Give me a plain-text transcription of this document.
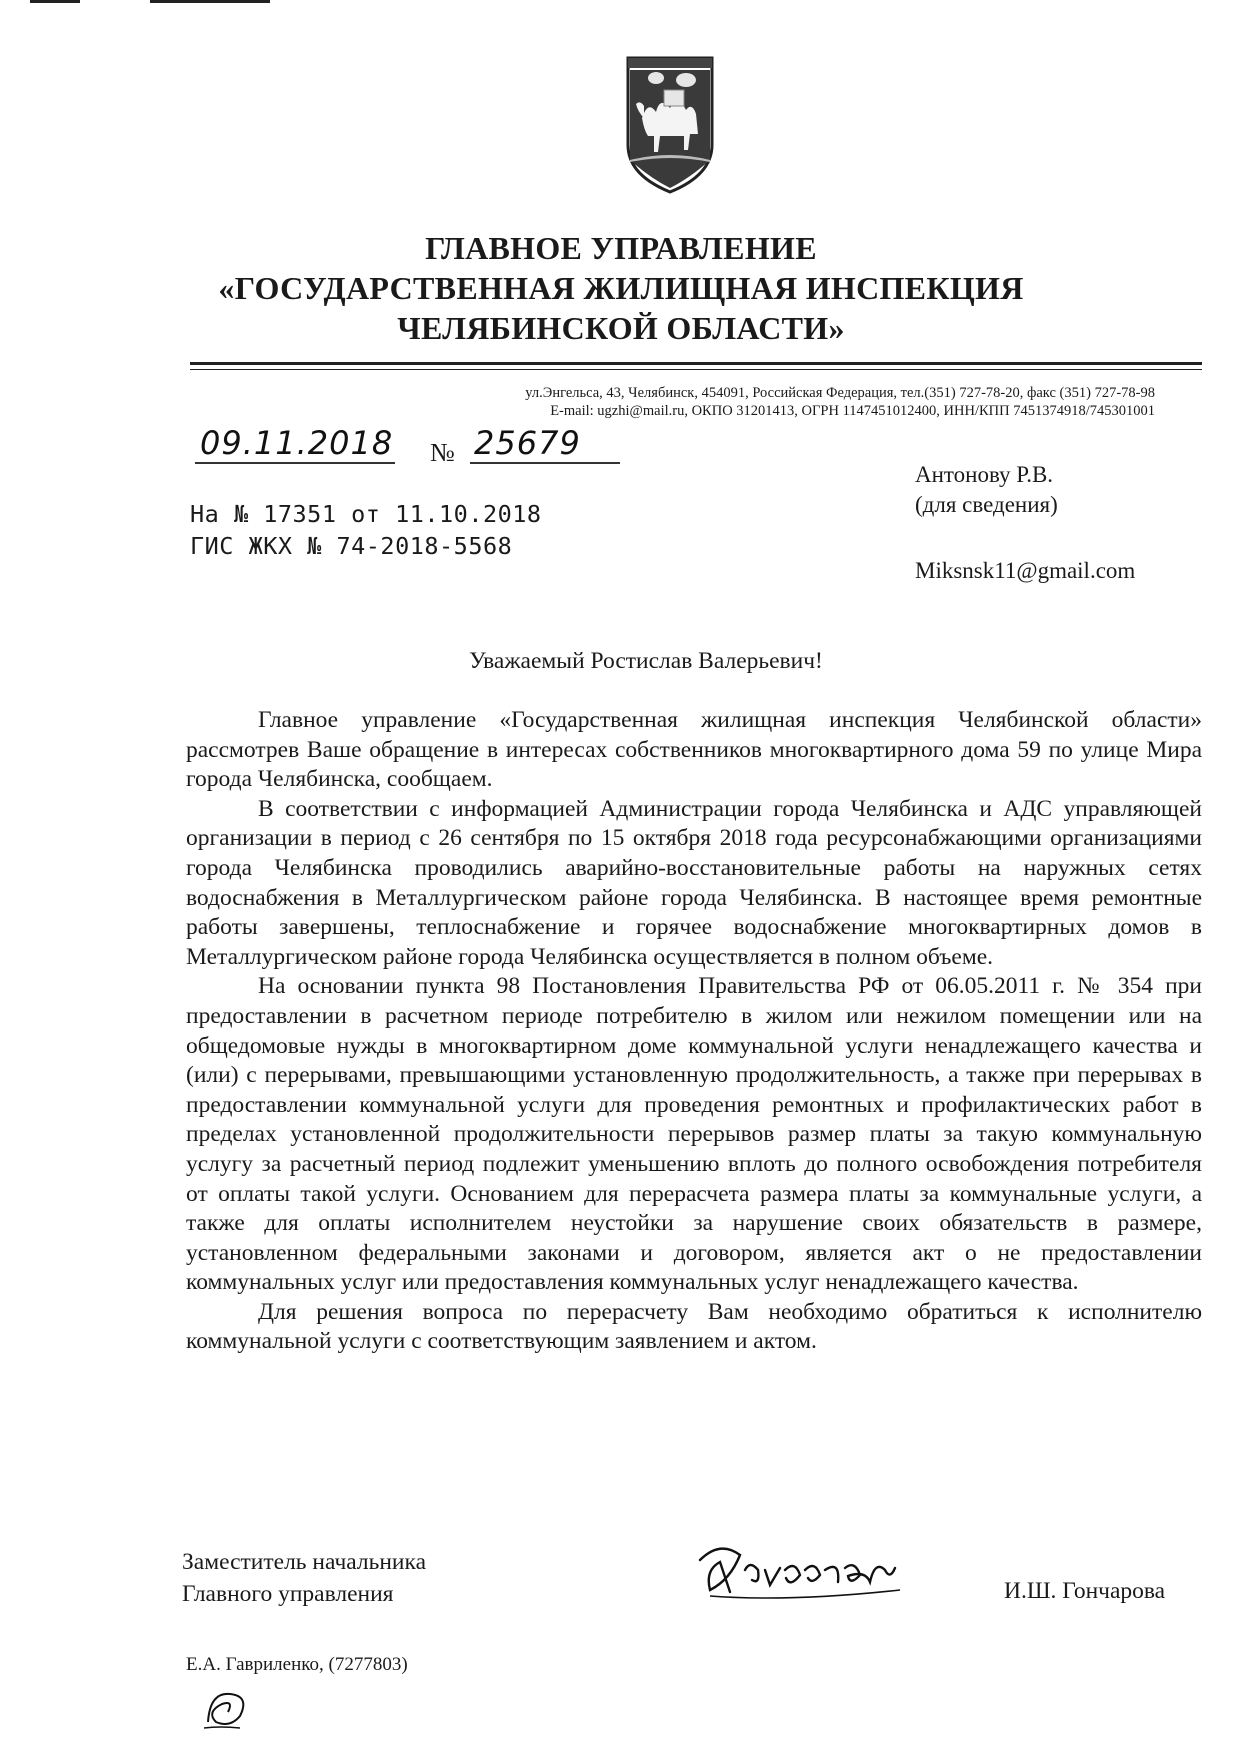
ГЛАВНОЕ УПРАВЛЕНИЕ
«ГОСУДАРСТВЕННАЯ ЖИЛИЩНАЯ ИНСПЕКЦИЯ
ЧЕЛЯБИНСКОЙ ОБЛАСТИ»
ул.Энгельса, 43, Челябинск, 454091, Российская Федерация, тел.(351) 727-78-20, факс (351) 727-78-98
E-mail: ugzhi@mail.ru, ОКПО 31201413, ОГРН 1147451012400, ИНН/КПП 7451374918/745301001
09.11.2018 № 25679
На № 17351 от 11.10.2018
ГИС ЖКХ № 74-2018-5568
Антонову Р.В.
(для сведения)
Miksnsk11@gmail.com
Уважаемый Ростислав Валерьевич!

Главное управление «Государственная жилищная инспекция Челябинской области» рассмотрев Ваше обращение в интересах собственников многоквартирного дома 59 по улице Мира города Челябинска, сообщаем.

В соответствии с информацией Администрации города Челябинска и АДС управляющей организации в период с 26 сентября по 15 октября 2018 года ресурсонабжающими организациями города Челябинска проводились аварийно-восстановительные работы на наружных сетях водоснабжения в Металлургическом районе города Челябинска. В настоящее время ремонтные работы завершены, теплоснабжение и горячее водоснабжение многоквартирных домов в Металлургическом районе города Челябинска осуществляется в полном объеме.

На основании пункта 98 Постановления Правительства РФ от 06.05.2011 г. № 354 при предоставлении в расчетном периоде потребителю в жилом или нежилом помещении или на общедомовые нужды в многоквартирном доме коммунальной услуги ненадлежащего качества и (или) с перерывами, превышающими установленную продолжительность, а также при перерывах в предоставлении коммунальной услуги для проведения ремонтных и профилактических работ в пределах установленной продолжительности перерывов размер платы за такую коммунальную услугу за расчетный период подлежит уменьшению вплоть до полного освобождения потребителя от оплаты такой услуги. Основанием для перерасчета размера платы за коммунальные услуги, а также для оплаты исполнителем неустойки за нарушение своих обязательств в размере, установленном федеральными законами и договором, является акт о не предоставлении коммунальных услуг или предоставления коммунальных услуг ненадлежащего качества.

Для решения вопроса по перерасчету Вам необходимо обратиться к исполнителю коммунальной услуги с соответствующим заявлением и актом.

Заместитель начальника
Главного управления	И.Ш. Гончарова
Е.А. Гавриленко, (7277803)
